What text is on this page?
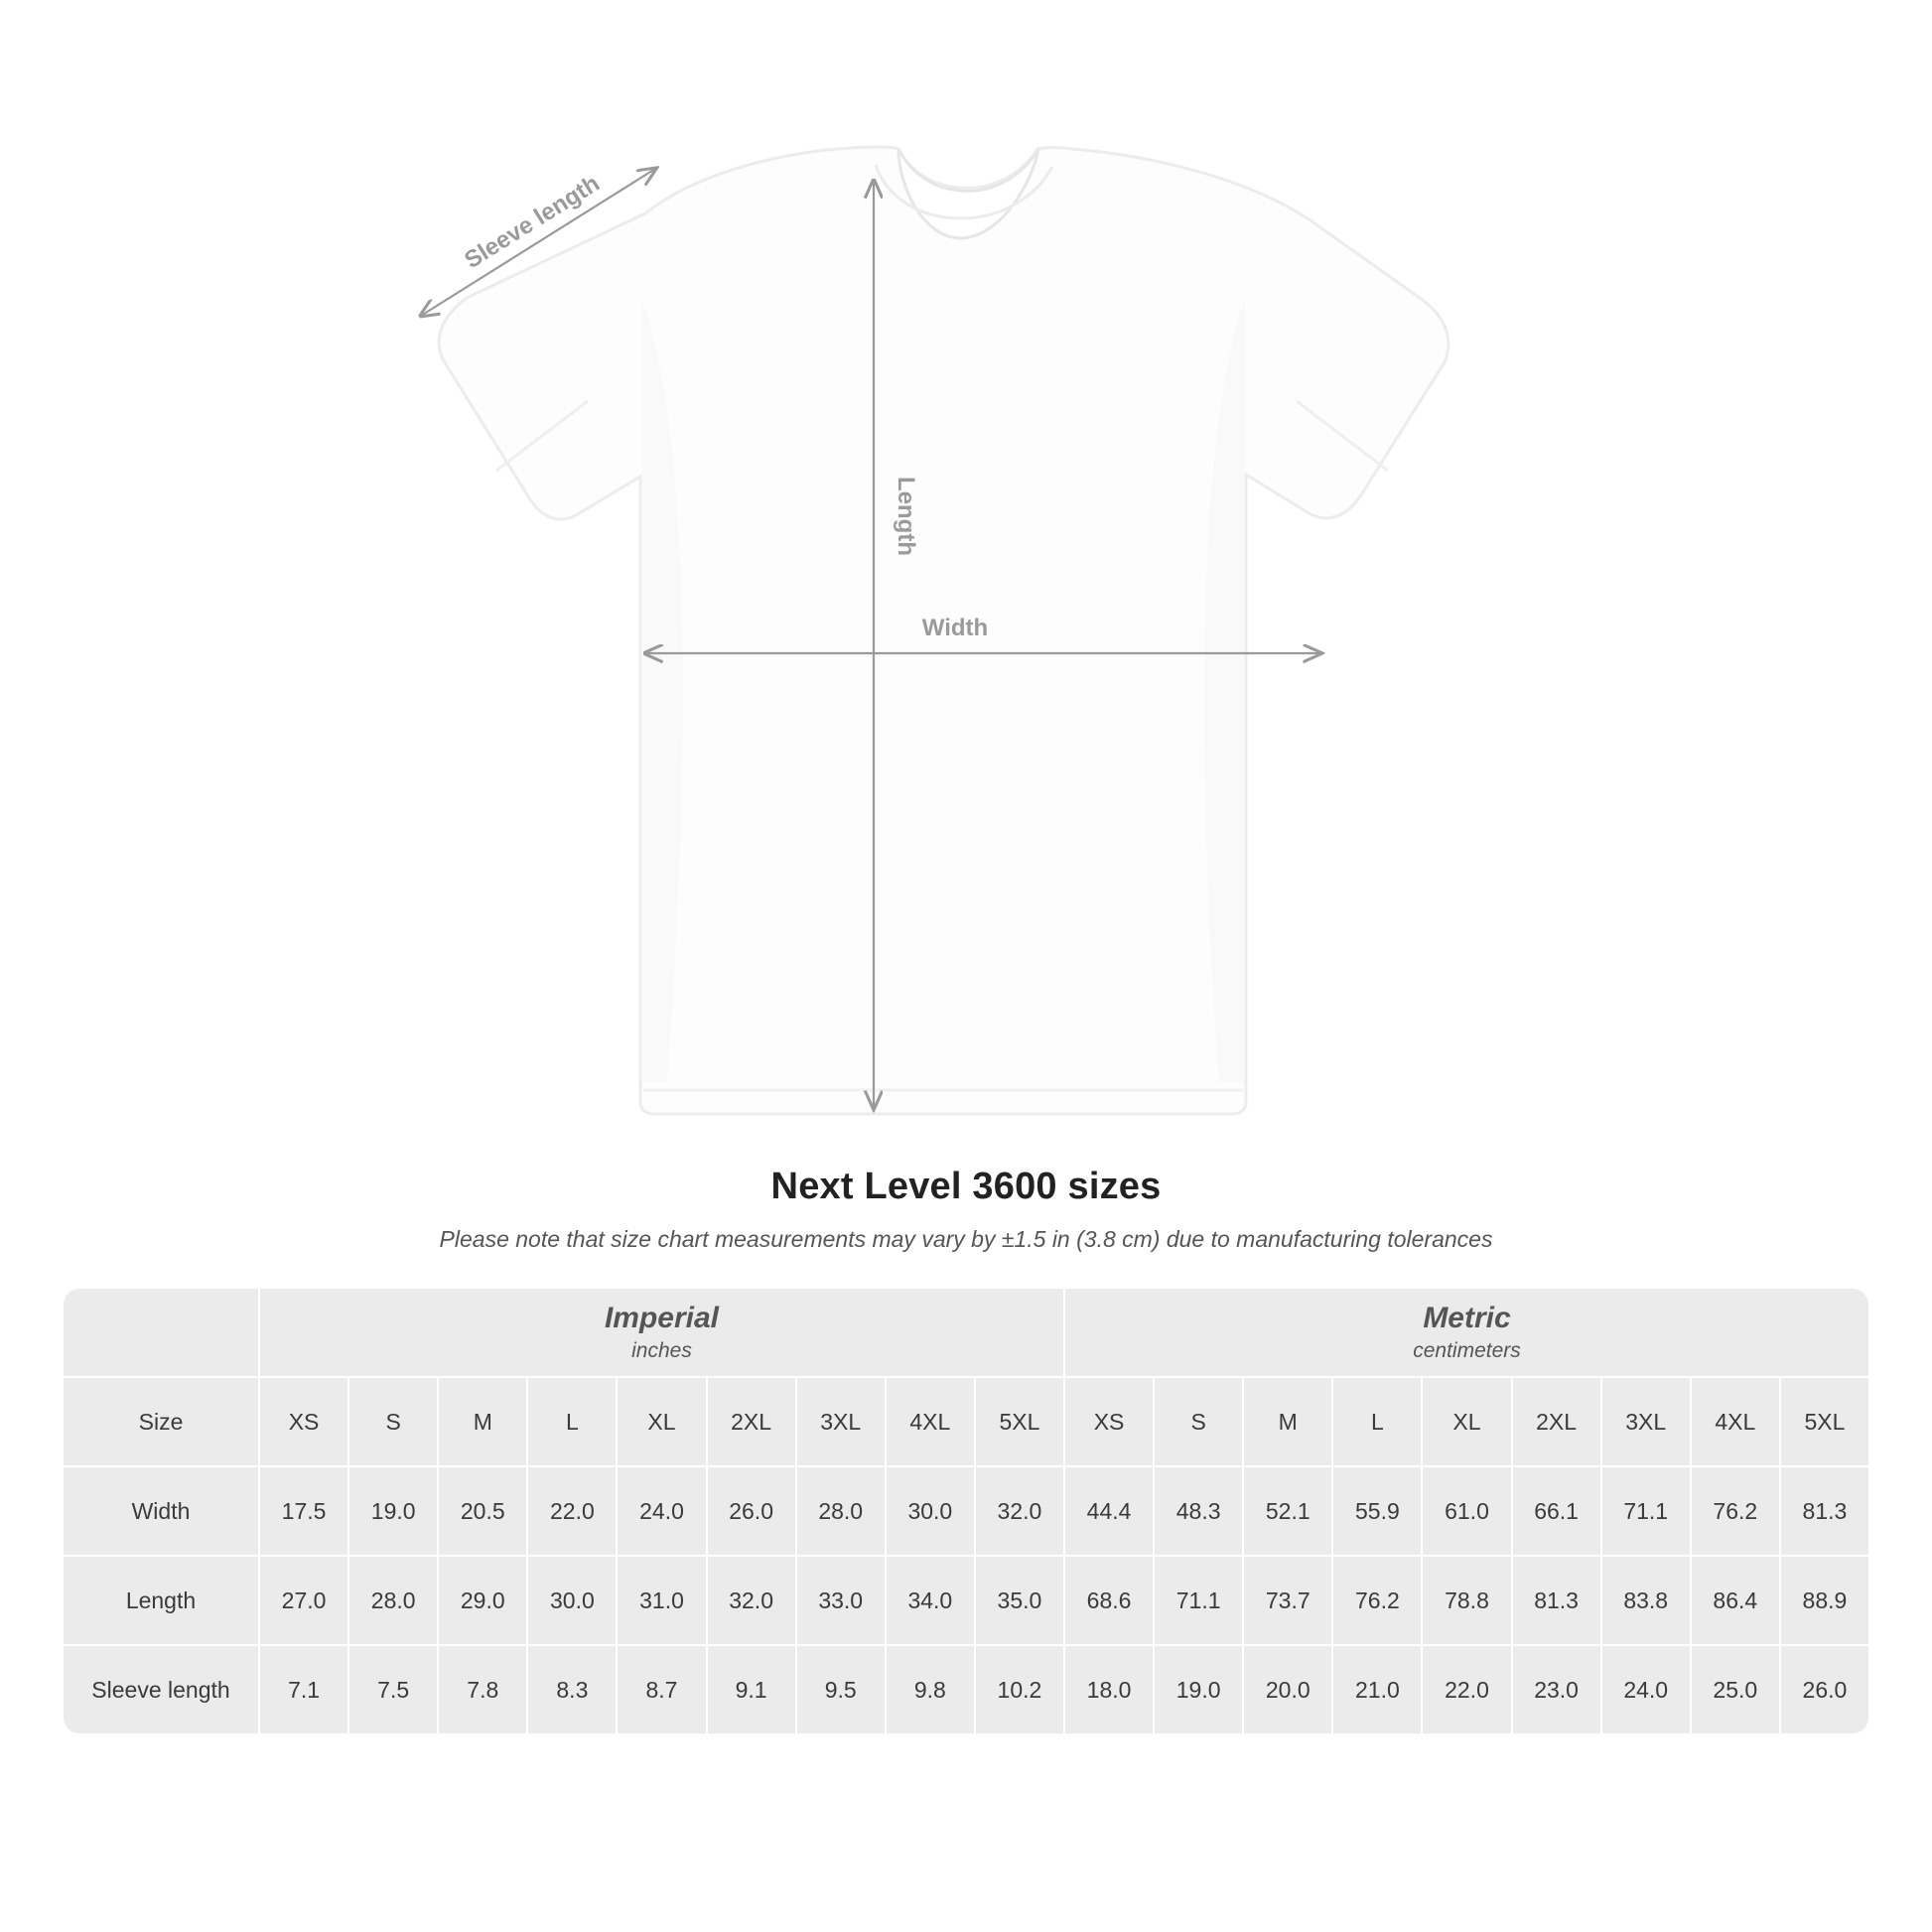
Sleeve length
Length
Width
Next Level 3600 sizes
Please note that size chart measurements may vary by ±1.5 in (3.8 cm) due to manufacturing tolerances

Imperial
inches

Metric
centimeters

Size	XS	S	M	L	XL	2XL	3XL	4XL	5XL	XS	S	M	L	XL	2XL	3XL	4XL	5XL
Width	17.5	19.0	20.5	22.0	24.0	26.0	28.0	30.0	32.0	44.4	48.3	52.1	55.9	61.0	66.1	71.1	76.2	81.3
Length	27.0	28.0	29.0	30.0	31.0	32.0	33.0	34.0	35.0	68.6	71.1	73.7	76.2	78.8	81.3	83.8	86.4	88.9
Sleeve length	7.1	7.5	7.8	8.3	8.7	9.1	9.5	9.8	10.2	18.0	19.0	20.0	21.0	22.0	23.0	24.0	25.0	26.0
